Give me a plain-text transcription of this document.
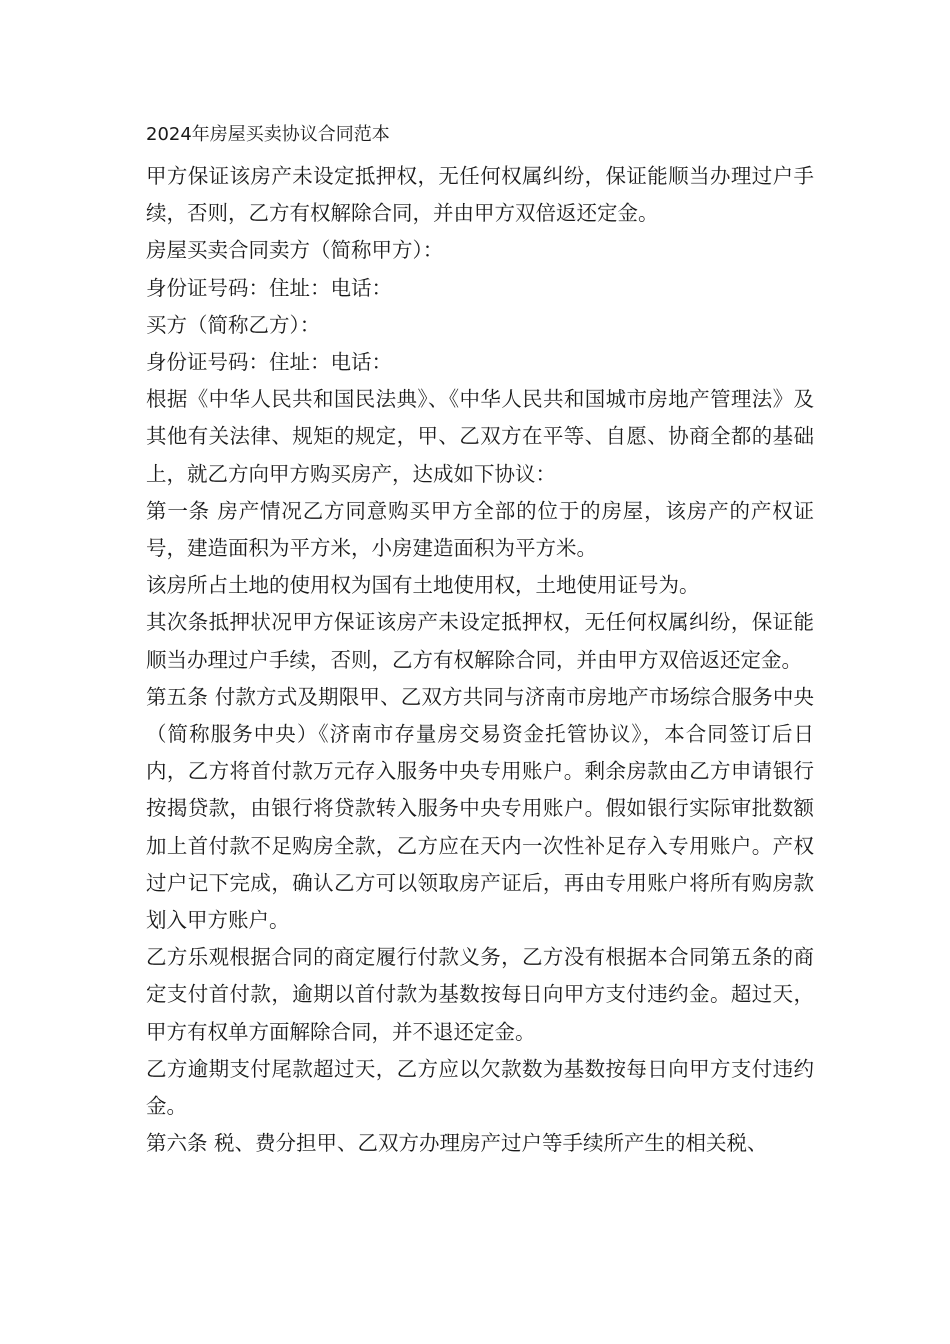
2024年房屋买卖协议合同范本

甲方保证该房产未设定抵押权，无任何权属纠纷，保证能顺当办理过户手续，否则，乙方有权解除合同，并由甲方双倍返还定金。

房屋买卖合同卖方（简称甲方）：

身份证号码：住址：电话：

买方（简称乙方）：

身份证号码：住址：电话：

根据《中华人民共和国民法典》、《中华人民共和国城市房地产管理法》及其他有关法律、规矩的规定，甲、乙双方在平等、自愿、协商全都的基础上，就乙方向甲方购买房产，达成如下协议：

第一条 房产情况乙方同意购买甲方全部的位于的房屋，该房产的产权证号，建造面积为平方米，小房建造面积为平方米。

该房所占土地的使用权为国有土地使用权，土地使用证号为。

其次条抵押状况甲方保证该房产未设定抵押权，无任何权属纠纷，保证能顺当办理过户手续，否则，乙方有权解除合同，并由甲方双倍返还定金。

第五条 付款方式及期限甲、乙双方共同与济南市房地产市场综合服务中央（简称服务中央）《济南市存量房交易资金托管协议》，本合同签订后日内，乙方将首付款万元存入服务中央专用账户。剩余房款由乙方申请银行按揭贷款，由银行将贷款转入服务中央专用账户。假如银行实际审批数额加上首付款不足购房全款，乙方应在天内一次性补足存入专用账户。产权过户记下完成，确认乙方可以领取房产证后，再由专用账户将所有购房款划入甲方账户。

乙方乐观根据合同的商定履行付款义务，乙方没有根据本合同第五条的商定支付首付款，逾期以首付款为基数按每日向甲方支付违约金。超过天，甲方有权单方面解除合同，并不退还定金。

乙方逾期支付尾款超过天，乙方应以欠款数为基数按每日向甲方支付违约金。

第六条 税、费分担甲、乙双方办理房产过户等手续所产生的相关税、
